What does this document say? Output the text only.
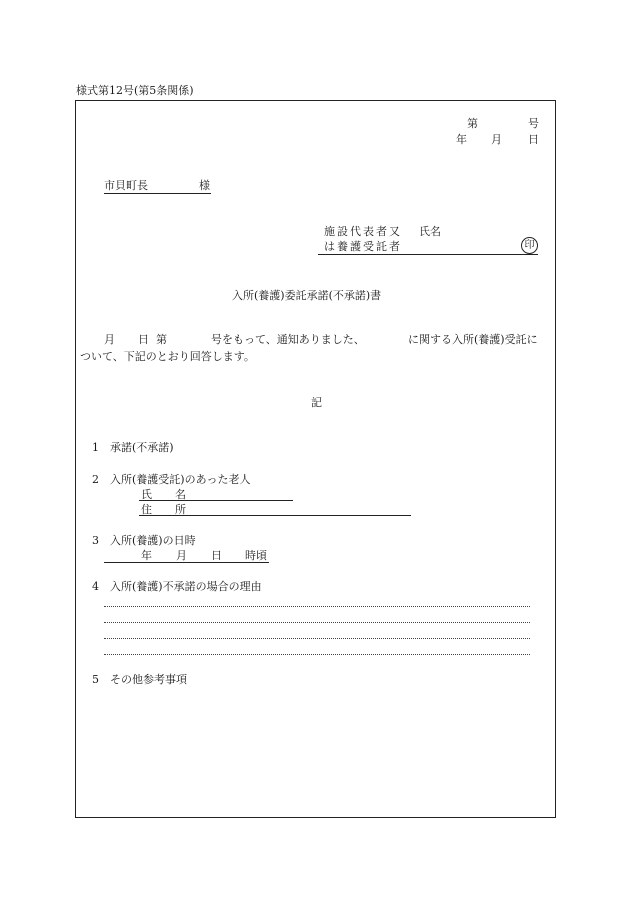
様式第12号(第5条関係)
第	号
年 月 日
市貝町長	様
施設代表者又 氏名
は養護受託者	印
入所(養護)委託承諾(不承諾)書
月 日 第	号をもって、通知ありました、	に関する入所(養護)受託に
ついて、下記のとおり回答します。
記
1 承諾(不承諾)
2 入所(養護受託)のあった老人
氏 名
住 所
3 入所(養護)の日時
年 月 日 時頃
4 入所(養護)不承諾の場合の理由
5 その他参考事項
